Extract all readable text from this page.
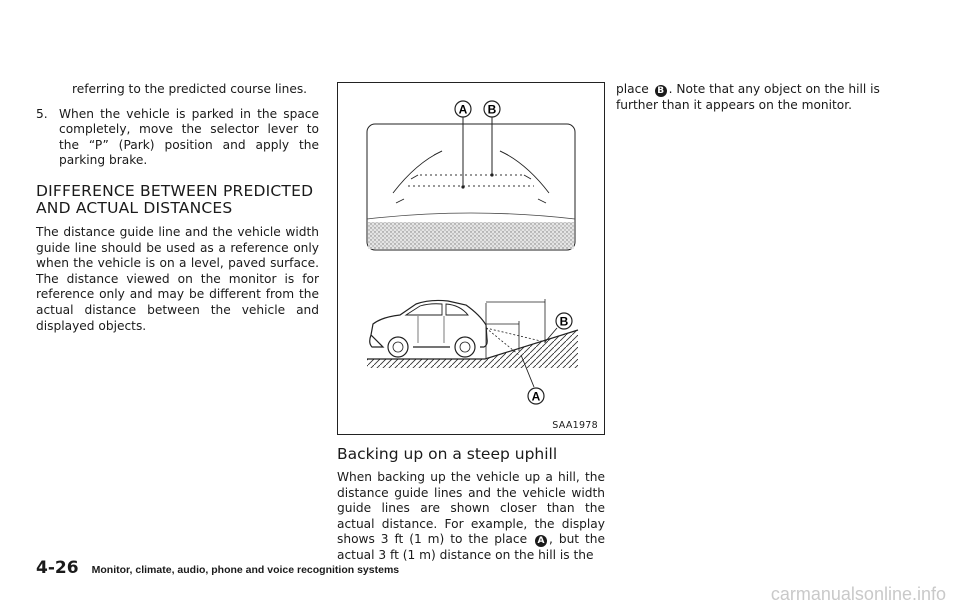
referring to the predicted course lines.

5. When the vehicle is parked in the space completely, move the selector lever to the “P” (Park) position and apply the parking brake.
DIFFERENCE BETWEEN PREDICTED
AND ACTUAL DISTANCES

The distance guide line and the vehicle width guide line should be used as a reference only when the vehicle is on a level, paved surface. The distance viewed on the monitor is for reference only and may be different from the actual distance between the vehicle and displayed objects.

A B
B
A
SAA1978
Backing up on a steep uphill

When backing up the vehicle up a hill, the distance guide lines and the vehicle width guide lines are shown closer than the actual distance. For example, the display shows 3 ft (1 m) to the place A , but the actual 3 ft (1 m) distance on the hill is the

place B . Note that any object on the hill is further than it appears on the monitor.

4-26 Monitor, climate, audio, phone and voice recognition systems
carmanualsonline.info
